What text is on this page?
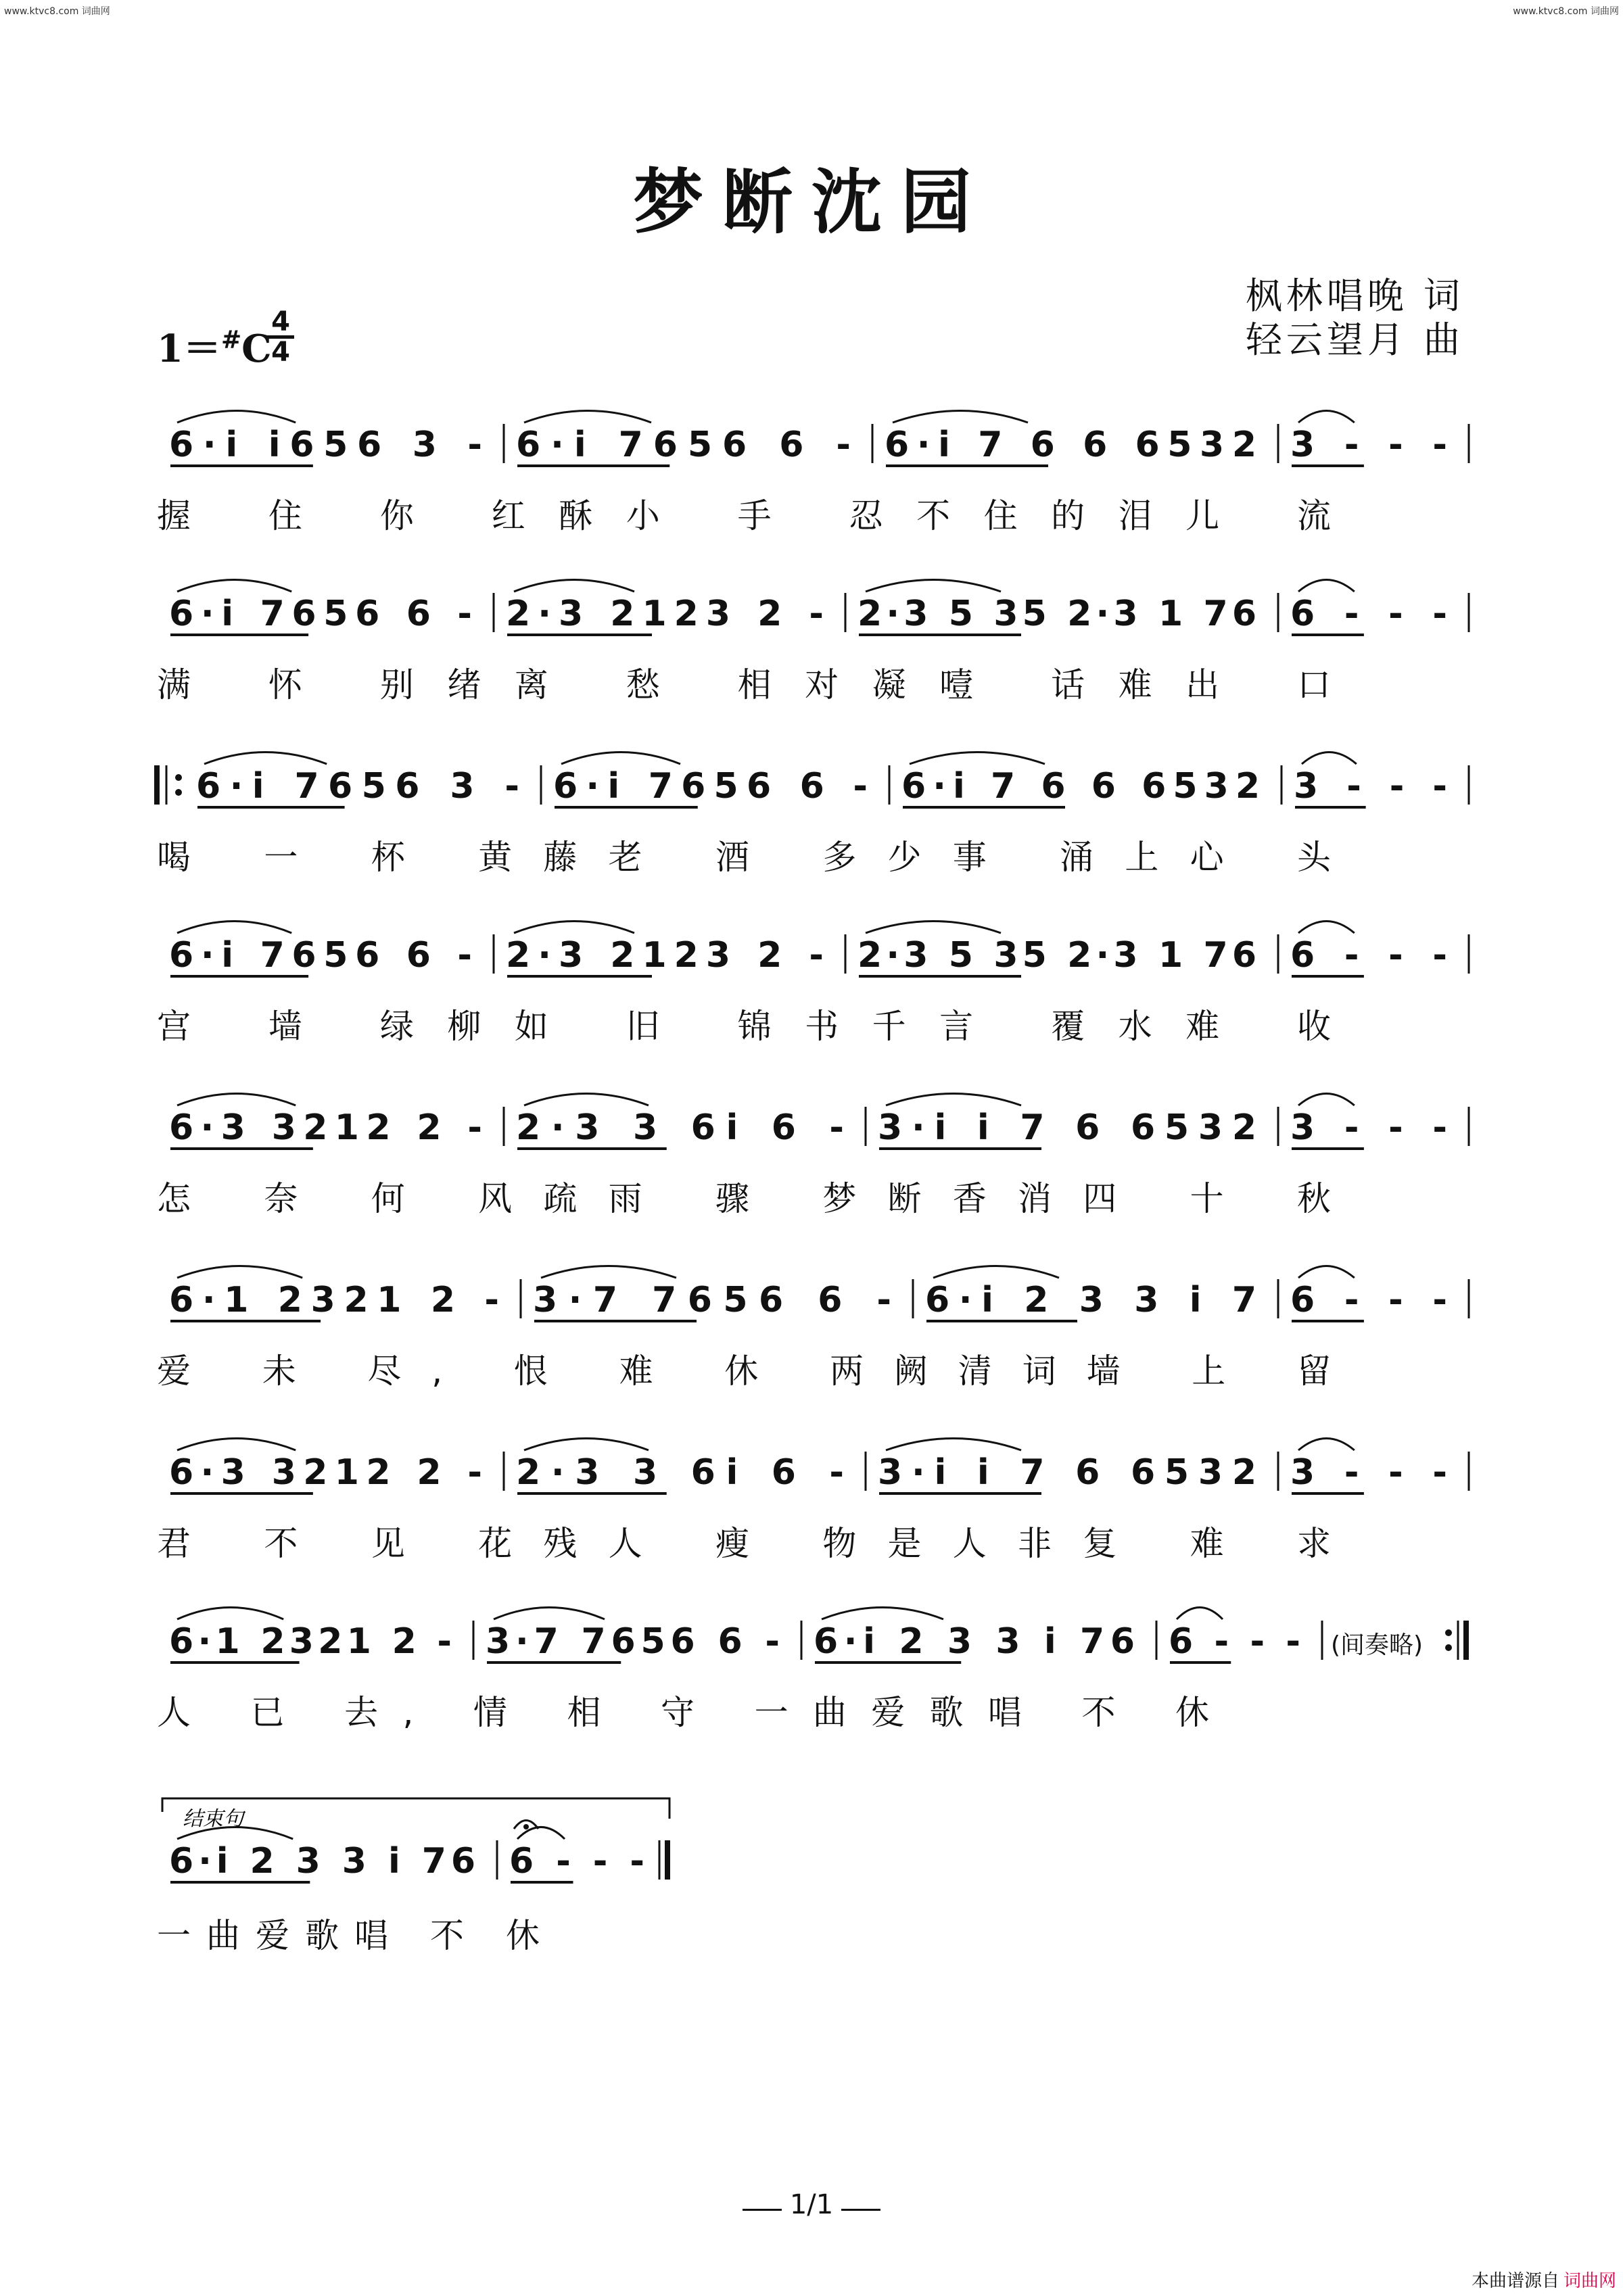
www.ktvc8.com 词曲网	www.ktvc8.com 词曲网
梦断沈园
枫林唱晚 词
轻云望月 曲
1＝#C
4
4
6·i i656 3 - 6·i 7656 6 - 6·i 7 6 6 6532 3 - - -
握 住 你 红酥小 手 忍不住的泪儿 流
6·i 7656 6 - 2·3 2123 2 - 2·3 5 35 2·3 1 76 6 - - -
满 怀 别绪离 愁 相对凝噎 话难出 口
6·i 7656 3 - 6·i 7656 6 - 6·i 7 6 6 6532 3 - - -
喝 一 杯 黄藤老 酒 多少事 涌上心 头
6·i 7656 6 - 2·3 2123 2 - 2·3 5 35 2·3 1 76 6 - - -
宫 墙 绿柳如 旧 锦书千言 覆水难 收
6·3 3212 2 - 2·3 3 6i 6 - 3·i i 7 6 6532 3 - - -
怎 奈 何 风疏雨 骤 梦断香消四 十 秋
6·1 2321 2 - 3·7 7656 6 - 6·i 2 3 3 i 7 6 - - -
爱 未 尽, 恨 难 休 两阙清词墙 上 留
6·3 3212 2 - 2·3 3 6i 6 - 3·i i 7 6 6532 3 - - -
君 不 见 花残人 瘦 物是人非复 难 求
6·1 2321 2 - 3·7 7656 6 - 6·i 2 3 3 i 76 6 - - - (间奏略)
人 已 去, 情 相 守 一曲爱歌唱 不 休
结束句
6·i 2 3 3 i 76 6 - - -
一曲爱歌唱 不 休
1/1
本曲谱源自 词曲网
